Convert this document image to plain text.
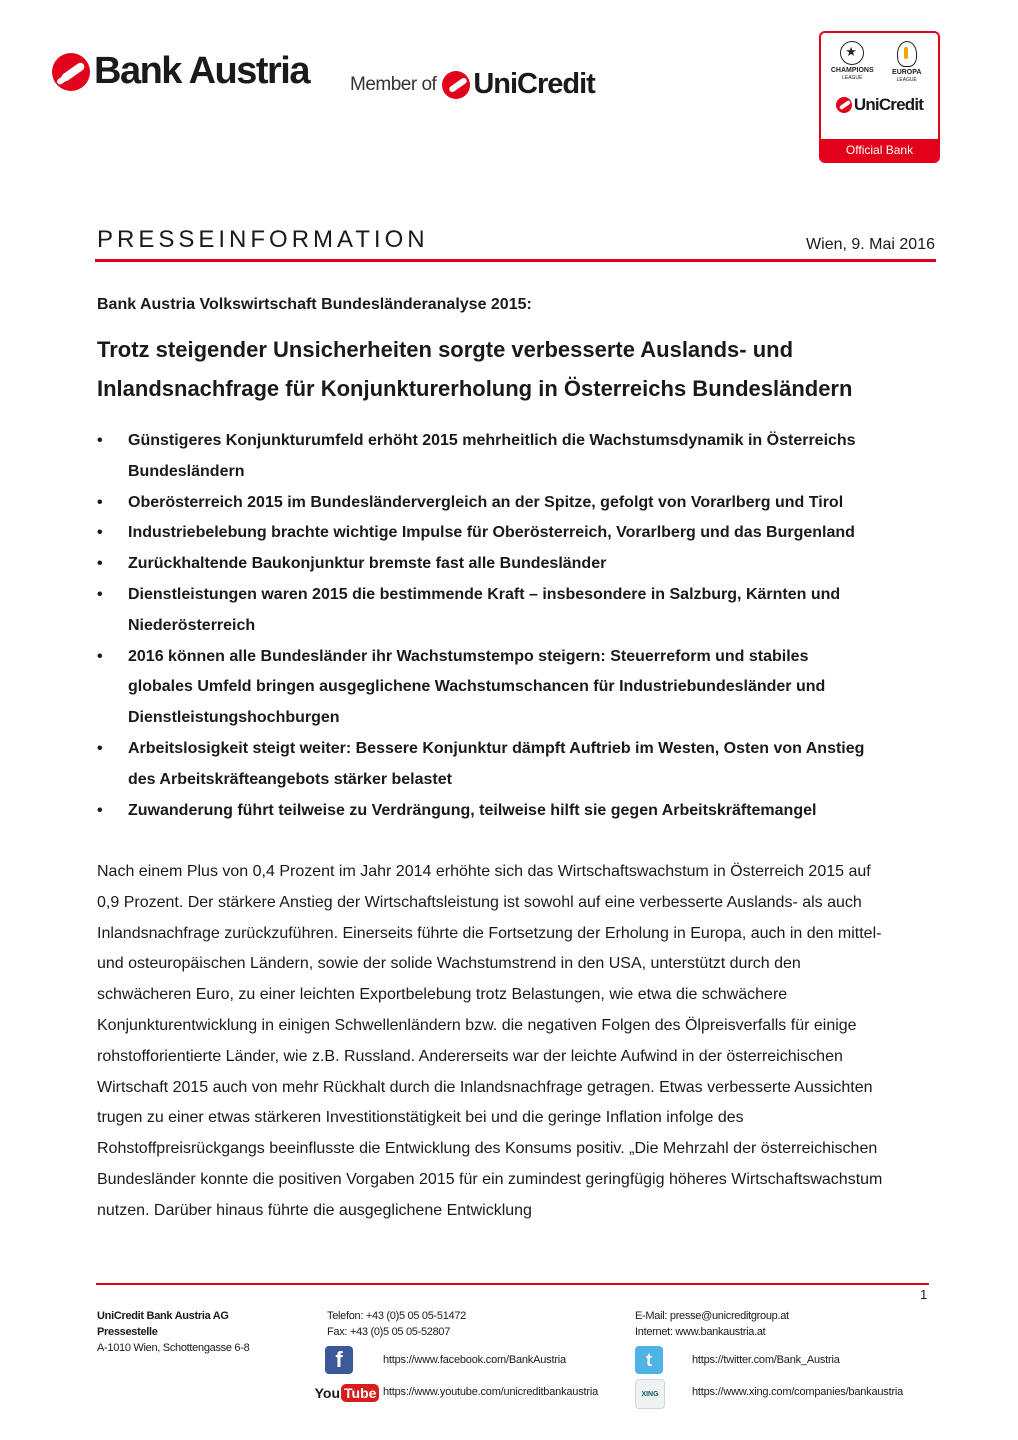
Bank Austria Member of UniCredit
★	CHAMPIONS
LEAGUE
EUROPA
LEAGUE
UniCredit
Official Bank
PRESSEINFORMATION	Wien, 9. Mai 2016
Bank Austria Volkswirtschaft Bundesländeranalyse 2015:
Trotz steigender Unsicherheiten sorgte verbesserte Auslands- und Inlandsnachfrage für Konjunkturerholung in Österreichs Bundesländern
• Günstigeres Konjunkturumfeld erhöht 2015 mehrheitlich die Wachstumsdynamik in Österreichs Bundesländern
• Oberösterreich 2015 im Bundesländervergleich an der Spitze, gefolgt von Vorarlberg und Tirol
• Industriebelebung brachte wichtige Impulse für Oberösterreich, Vorarlberg und das Burgenland
• Zurückhaltende Baukonjunktur bremste fast alle Bundesländer
• Dienstleistungen waren 2015 die bestimmende Kraft – insbesondere in Salzburg, Kärnten und Niederösterreich
• 2016 können alle Bundesländer ihr Wachstumstempo steigern: Steuerreform und stabiles globales Umfeld bringen ausgeglichene Wachstumschancen für Industriebundesländer und Dienstleistungshochburgen
• Arbeitslosigkeit steigt weiter: Bessere Konjunktur dämpft Auftrieb im Westen, Osten von Anstieg des Arbeitskräfteangebots stärker belastet
• Zuwanderung führt teilweise zu Verdrängung, teilweise hilft sie gegen Arbeitskräftemangel

Nach einem Plus von 0,4 Prozent im Jahr 2014 erhöhte sich das Wirtschaftswachstum in Österreich 2015 auf 0,9 Prozent. Der stärkere Anstieg der Wirtschaftsleistung ist sowohl auf eine verbesserte Auslands- als auch Inlandsnachfrage zurückzuführen. Einerseits führte die Fortsetzung der Erholung in Europa, auch in den mittel- und osteuropäischen Ländern, sowie der solide Wachstumstrend in den USA, unterstützt durch den schwächeren Euro, zu einer leichten Exportbelebung trotz Belastungen, wie etwa die schwächere Konjunkturentwicklung in einigen Schwellenländern bzw. die negativen Folgen des Ölpreisverfalls für einige rohstofforientierte Länder, wie z.B. Russland. Andererseits war der leichte Aufwind in der österreichischen Wirtschaft 2015 auch von mehr Rückhalt durch die Inlandsnachfrage getragen. Etwas verbesserte Aussichten trugen zu einer etwas stärkeren Investitionstätigkeit bei und die geringe Inflation infolge des Rohstoffpreisrückgangs beeinflusste die Entwicklung des Konsums positiv. „Die Mehrzahl der österreichischen Bundesländer konnte die positiven Vorgaben 2015 für ein zumindest geringfügig höheres Wirtschaftswachstum nutzen. Darüber hinaus führte die ausgeglichene Entwicklung

1
UniCredit Bank Austria AG
Pressestelle
A-1010 Wien, Schottengasse 6-8
Telefon: +43 (0)5 05 05-51472
Fax: +43 (0)5 05 05-52807
E-Mail: presse@unicreditgroup.at
Internet: www.bankaustria.at
f	https://www.facebook.com/BankAustria	t	https://twitter.com/Bank_Austria
You Tube https://www.youtube.com/unicreditbankaustria	XING	https://www.xing.com/companies/bankaustria
